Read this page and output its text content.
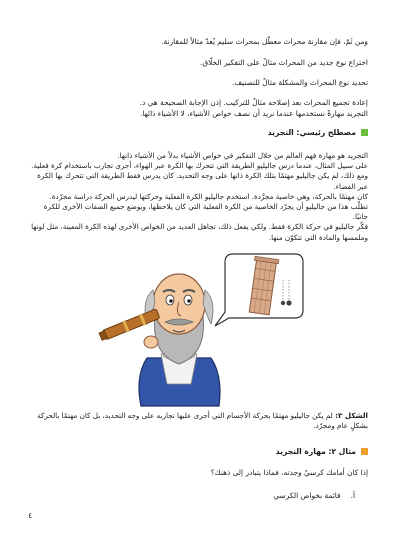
ومن ثَمّ، فإن مقارنة محراث معطّل بمحراث سليم يُعدّ مثالاً للمقارنة.
اختراع نوع جديد من المحراث مثالٌ على التفكير الخلّاق.
تحديد نوع المحراث والمشكلة مثالٌ للتصنيف.
إعادة تجميع المحراث بعد إصلاحه مثالٌ للتركيب. إذن الإجابة الصحيحة هي د.
التجريد مهارةٌ نستخدمها عندما نريد أن نصف خواص الأشياء، لا الأشياء ذاتَها.
مصطلح رئيسي: التجريد
التجريد هو مهارة فهم العالم من خلال التفكير في خواص الأشياء بدلاً من الأشياء ذاتها.
على سبيل المثال، عندما درس جاليليو الطريقة التي تتحرك بها الكرة عبر الهواء، أجرى تجارب باستخدام كرة فعلية.
ومع ذلك، لم يكن جاليليو مهتمًا بتلك الكرة ذاتها على وجه التحديد. كان يدرس فقط الطريقة التي تتحرك بها الكرة عبر الفضاء.
كان مهتمًا بالحركة، وهي خاصية مجرَّدة. استخدم جاليليو الكرة الفعلية وحركتها ليدرس الحركة دراسة مجرّدة.
تطلّب هذا من جاليليو أن يجرّد الخاصية من الكرة الفعلية التي كان يلاحظها، وبوضع جميع الصفات الأخرى للكرة جانبًا.
فكّر جاليليو في حركة الكرة فقط. ولكي يفعل ذلك، تجاهل العديد من الخواص الأخرى لهذه الكرة المعينة، مثل لونها
وملمسها والمادة التي تتكوّن منها.
الشكل ٣: لم يكن جاليليو مهتمًا بحركة الأجسام التي أجرى عليها تجاربه على وجه التحديد، بل كان مهتمًا بالحركة بشكلٍ عام ومجرّد.
مثال ٢: مهارة التجريد
إذا كان أمامك كرسيٌ وجدته، فماذا يتبادر إلى ذهنك؟
أ.
قائمة بخواص الكرسي
٤
